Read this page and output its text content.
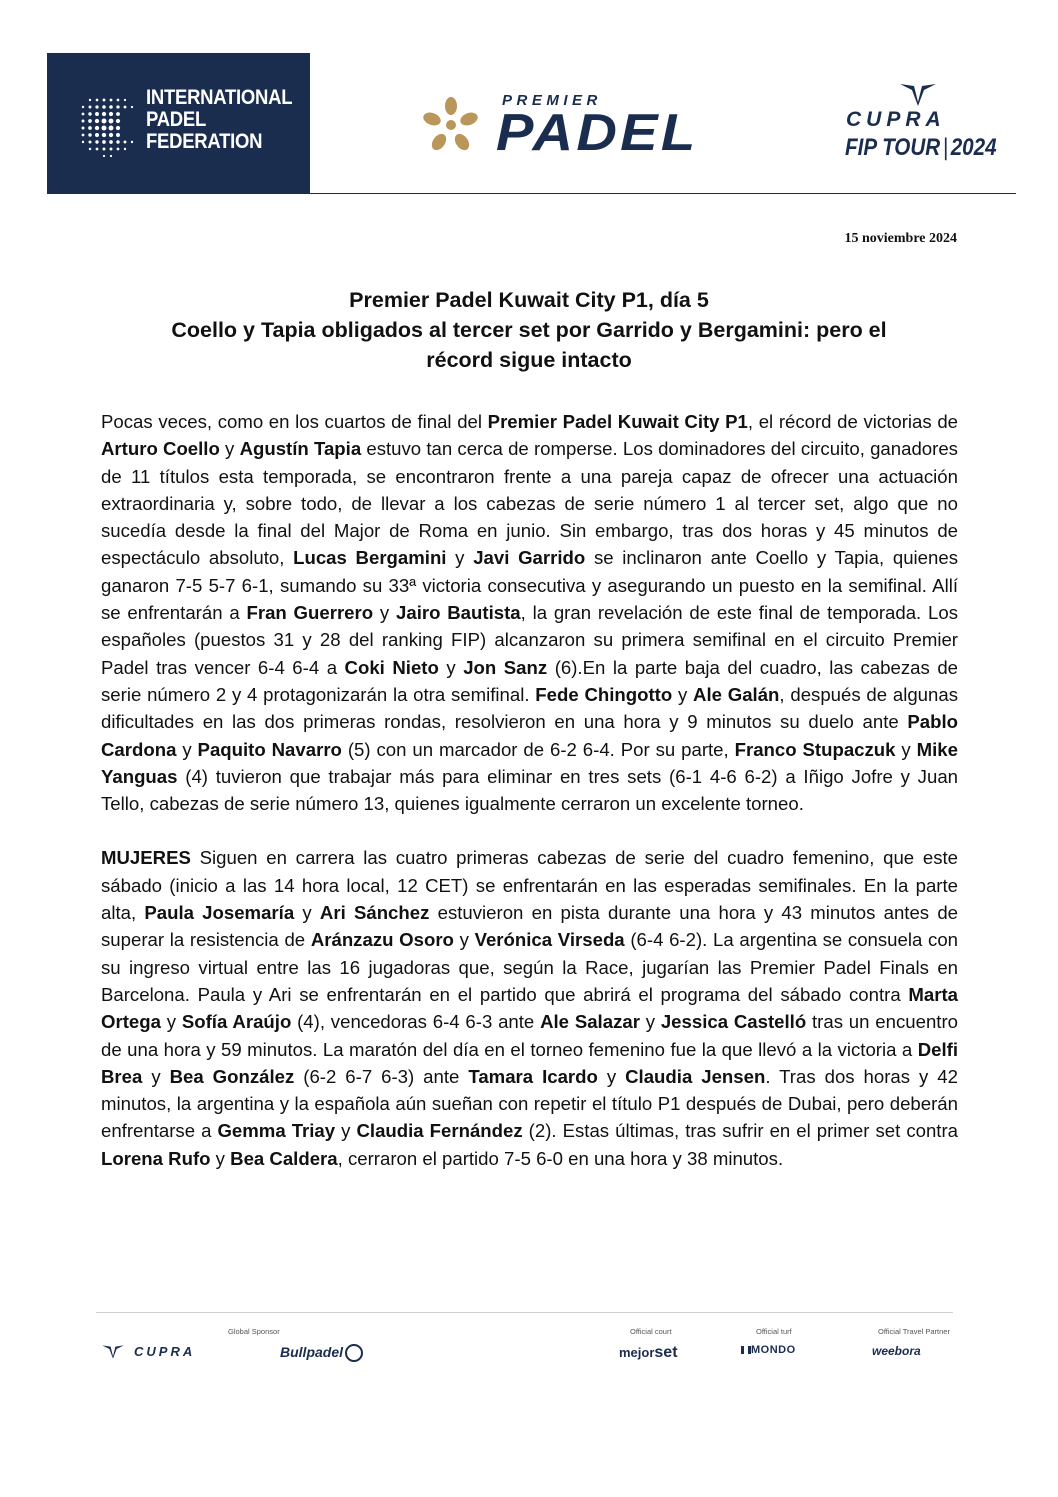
INTERNATIONAL
PADEL
FEDERATION
PREMIER
PADEL	CUPRA
FIP TOUR | 2024
15 noviembre 2024
Premier Padel Kuwait City P1, día 5
Coello y Tapia obligados al tercer set por Garrido y Bergamini: pero el
récord sigue intacto

Pocas veces, como en los cuartos de final del Premier Padel Kuwait City P1, el récord de victorias de Arturo Coello y Agustín Tapia estuvo tan cerca de romperse. Los dominadores del circuito, ganadores de 11 títulos esta temporada, se encontraron frente a una pareja capaz de ofrecer una actuación extraordinaria y, sobre todo, de llevar a los cabezas de serie número 1 al tercer set, algo que no sucedía desde la final del Major de Roma en junio. Sin embargo, tras dos horas y 45 minutos de espectáculo absoluto, Lucas Bergamini y Javi Garrido se inclinaron ante Coello y Tapia, quienes ganaron 7-5 5-7 6-1, sumando su 33ª victoria consecutiva y asegurando un puesto en la semifinal. Allí se enfrentarán a Fran Guerrero y Jairo Bautista, la gran revelación de este final de temporada. Los españoles (puestos 31 y 28 del ranking FIP) alcanzaron su primera semifinal en el circuito Premier Padel tras vencer 6-4 6-4 a Coki Nieto y Jon Sanz (6).En la parte baja del cuadro, las cabezas de serie número 2 y 4 protagonizarán la otra semifinal. Fede Chingotto y Ale Galán, después de algunas dificultades en las dos primeras rondas, resolvieron en una hora y 9 minutos su duelo ante Pablo Cardona y Paquito Navarro (5) con un marcador de 6-2 6-4. Por su parte, Franco Stupaczuk y Mike Yanguas (4) tuvieron que trabajar más para eliminar en tres sets (6-1 4-6 6-2) a Iñigo Jofre y Juan Tello, cabezas de serie número 13, quienes igualmente cerraron un excelente torneo.

MUJERES Siguen en carrera las cuatro primeras cabezas de serie del cuadro femenino, que este sábado (inicio a las 14 hora local, 12 CET) se enfrentarán en las esperadas semifinales. En la parte alta, Paula Josemaría y Ari Sánchez estuvieron en pista durante una hora y 43 minutos antes de superar la resistencia de Aránzazu Osoro y Verónica Virseda (6-4 6-2). La argentina se consuela con su ingreso virtual entre las 16 jugadoras que, según la Race, jugarían las Premier Padel Finals en Barcelona. Paula y Ari se enfrentarán en el partido que abrirá el programa del sábado contra Marta Ortega y Sofía Araújo (4), vencedoras 6-4 6-3 ante Ale Salazar y Jessica Castelló tras un encuentro de una hora y 59 minutos. La maratón del día en el torneo femenino fue la que llevó a la victoria a Delfi Brea y Bea González (6-2 6-7 6-3) ante Tamara Icardo y Claudia Jensen. Tras dos horas y 42 minutos, la argentina y la española aún sueñan con repetir el título P1 después de Dubai, pero deberán enfrentarse a Gemma Triay y Claudia Fernández (2). Estas últimas, tras sufrir en el primer set contra Lorena Rufo y Bea Caldera, cerraron el partido 7-5 6-0 en una hora y 38 minutos.

Global Sponsor
CUPRA	Bullpadel
Official court
mejorset
Official turf
MONDO
Official Travel Partner
weebora
